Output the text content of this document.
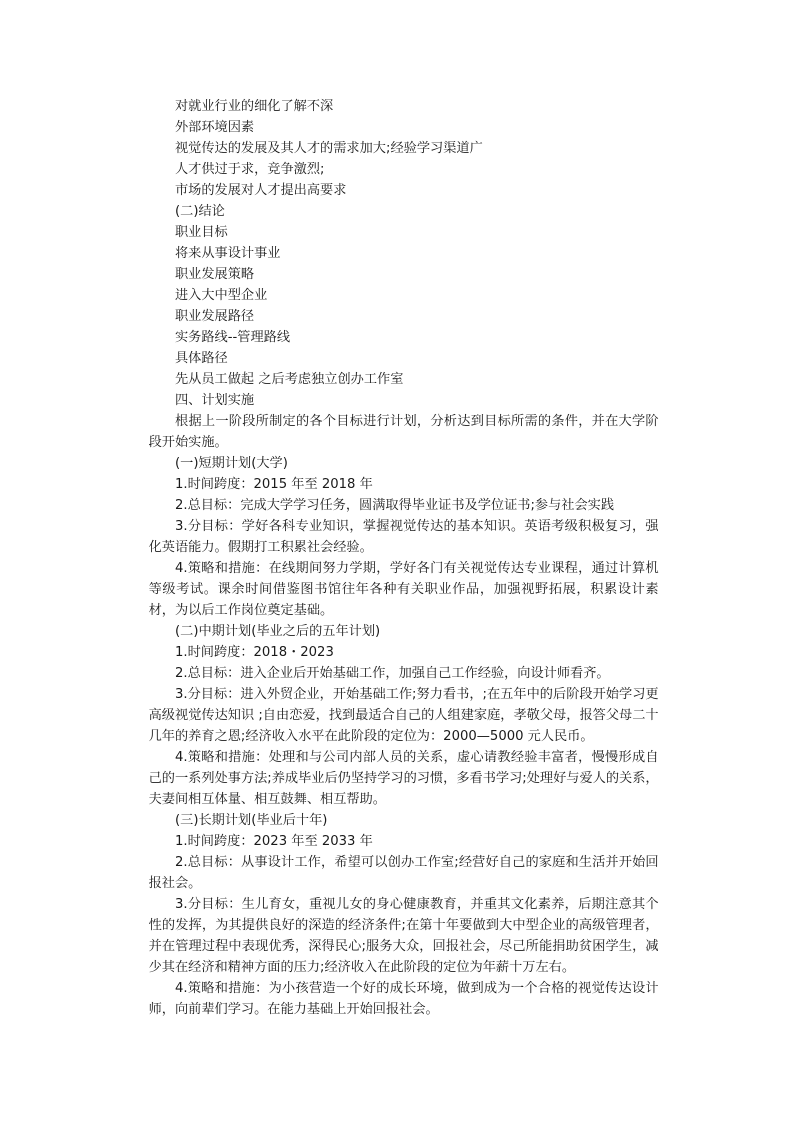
对就业行业的细化了解不深

外部环境因素

视觉传达的发展及其人才的需求加大;经验学习渠道广

人才供过于求，竞争激烈;

市场的发展对人才提出高要求

(二)结论

职业目标

将来从事设计事业

职业发展策略

进入大中型企业

职业发展路径

实务路线--管理路线

具体路径

先从员工做起 之后考虑独立创办工作室

四、计划实施

根据上一阶段所制定的各个目标进行计划，分析达到目标所需的条件，并在大学阶段开始实施。

(一)短期计划(大学)

1.时间跨度：2015 年至 2018 年

2.总目标：完成大学学习任务，圆满取得毕业证书及学位证书;参与社会实践

3.分目标：学好各科专业知识，掌握视觉传达的基本知识。英语考级积极复习，强化英语能力。假期打工积累社会经验。

4.策略和措施：在线期间努力学期，学好各门有关视觉传达专业课程，通过计算机等级考试。课余时间借鉴图书馆往年各种有关职业作品，加强视野拓展，积累设计素材，为以后工作岗位奠定基础。

(二)中期计划(毕业之后的五年计划)

1.时间跨度：2018・2023

2.总目标：进入企业后开始基础工作，加强自己工作经验，向设计师看齐。

3.分目标：进入外贸企业，开始基础工作;努力看书，;在五年中的后阶段开始学习更高级视觉传达知识 ;自由恋爱，找到最适合自己的人组建家庭，孝敬父母，报答父母二十几年的养育之恩;经济收入水平在此阶段的定位为：2000—5000 元人民币。

4.策略和措施：处理和与公司内部人员的关系，虚心请教经验丰富者，慢慢形成自己的一系列处事方法;养成毕业后仍坚持学习的习惯，多看书学习;处理好与爱人的关系，夫妻间相互体量、相互鼓舞、相互帮助。

(三)长期计划(毕业后十年)

1.时间跨度：2023 年至 2033 年

2.总目标：从事设计工作，希望可以创办工作室;经营好自己的家庭和生活并开始回报社会。

3.分目标：生儿育女，重视儿女的身心健康教育，并重其文化素养，后期注意其个性的发挥，为其提供良好的深造的经济条件;在第十年要做到大中型企业的高级管理者，并在管理过程中表现优秀，深得民心;服务大众，回报社会，尽己所能捐助贫困学生，减少其在经济和精神方面的压力;经济收入在此阶段的定位为年薪十万左右。

4.策略和措施：为小孩营造一个好的成长环境，做到成为一个合格的视觉传达设计师，向前辈们学习。在能力基础上开始回报社会。
